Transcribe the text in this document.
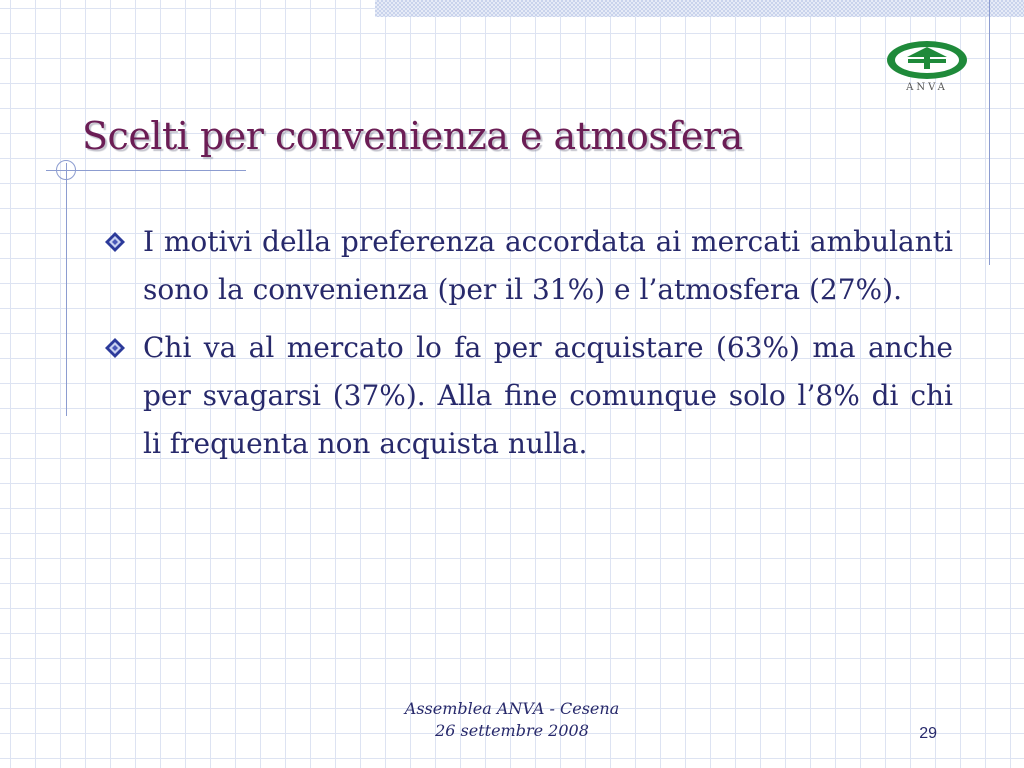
ANVA
Scelti per convenienza e atmosfera
I motivi della preferenza accordata ai mercati ambulanti sono la convenienza (per il 31%) e l’atmosfera (27%).
Chi va al mercato lo fa per acquistare (63%) ma anche per svagarsi (37%). Alla fine comunque solo l’8% di chi li frequenta non acquista nulla.
Assemblea ANVA - Cesena
26 settembre 2008	29
